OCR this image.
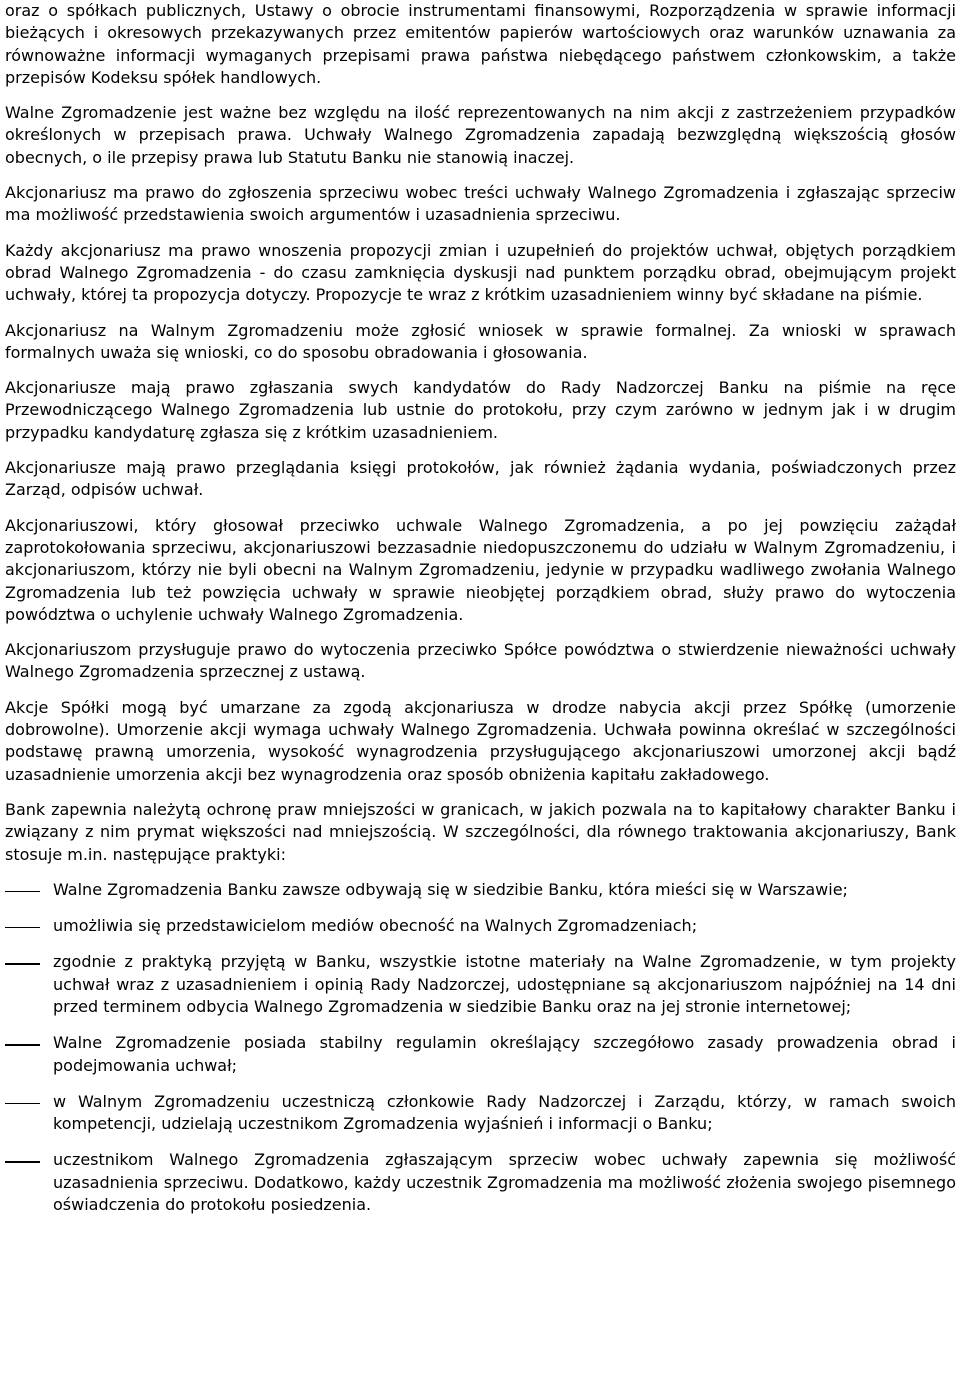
oraz o spółkach publicznych, Ustawy o obrocie instrumentami finansowymi, Rozporządzenia w sprawie informacji bieżących i okresowych przekazywanych przez emitentów papierów wartościowych oraz warunków uznawania za równoważne informacji wymaganych przepisami prawa państwa niebędącego państwem członkowskim, a także przepisów Kodeksu spółek handlowych.

Walne Zgromadzenie jest ważne bez względu na ilość reprezentowanych na nim akcji z zastrzeżeniem przypadków określonych w przepisach prawa. Uchwały Walnego Zgromadzenia zapadają bezwzględną większością głosów obecnych, o ile przepisy prawa lub Statutu Banku nie stanowią inaczej.

Akcjonariusz ma prawo do zgłoszenia sprzeciwu wobec treści uchwały Walnego Zgromadzenia i zgłaszając sprzeciw ma możliwość przedstawienia swoich argumentów i uzasadnienia sprzeciwu.

Każdy akcjonariusz ma prawo wnoszenia propozycji zmian i uzupełnień do projektów uchwał, objętych porządkiem obrad Walnego Zgromadzenia - do czasu zamknięcia dyskusji nad punktem porządku obrad, obejmującym projekt uchwały, której ta propozycja dotyczy. Propozycje te wraz z krótkim uzasadnieniem winny być składane na piśmie.

Akcjonariusz na Walnym Zgromadzeniu może zgłosić wniosek w sprawie formalnej. Za wnioski w sprawach formalnych uważa się wnioski, co do sposobu obradowania i głosowania.

Akcjonariusze mają prawo zgłaszania swych kandydatów do Rady Nadzorczej Banku na piśmie na ręce Przewodniczącego Walnego Zgromadzenia lub ustnie do protokołu, przy czym zarówno w jednym jak i w drugim przypadku kandydaturę zgłasza się z krótkim uzasadnieniem.

Akcjonariusze mają prawo przeglądania księgi protokołów, jak również żądania wydania, poświadczonych przez Zarząd, odpisów uchwał.

Akcjonariuszowi, który głosował przeciwko uchwale Walnego Zgromadzenia, a po jej powzięciu zażądał zaprotokołowania sprzeciwu, akcjonariuszowi bezzasadnie niedopuszczonemu do udziału w Walnym Zgromadzeniu, i akcjonariuszom, którzy nie byli obecni na Walnym Zgromadzeniu, jedynie w przypadku wadliwego zwołania Walnego Zgromadzenia lub też powzięcia uchwały w sprawie nieobjętej porządkiem obrad, służy prawo do wytoczenia powództwa o uchylenie uchwały Walnego Zgromadzenia.

Akcjonariuszom przysługuje prawo do wytoczenia przeciwko Spółce powództwa o stwierdzenie nieważności uchwały Walnego Zgromadzenia sprzecznej z ustawą.

Akcje Spółki mogą być umarzane za zgodą akcjonariusza w drodze nabycia akcji przez Spółkę (umorzenie dobrowolne). Umorzenie akcji wymaga uchwały Walnego Zgromadzenia. Uchwała powinna określać w szczególności podstawę prawną umorzenia, wysokość wynagrodzenia przysługującego akcjonariuszowi umorzonej akcji bądź uzasadnienie umorzenia akcji bez wynagrodzenia oraz sposób obniżenia kapitału zakładowego.

Bank zapewnia należytą ochronę praw mniejszości w granicach, w jakich pozwala na to kapitałowy charakter Banku i związany z nim prymat większości nad mniejszością. W szczególności, dla równego traktowania akcjonariuszy, Bank stosuje m.in. następujące praktyki:

Walne Zgromadzenia Banku zawsze odbywają się w siedzibie Banku, która mieści się w Warszawie;
umożliwia się przedstawicielom mediów obecność na Walnych Zgromadzeniach;
zgodnie z praktyką przyjętą w Banku, wszystkie istotne materiały na Walne Zgromadzenie, w tym projekty uchwał wraz z uzasadnieniem i opinią Rady Nadzorczej, udostępniane są akcjonariuszom najpóźniej na 14 dni przed terminem odbycia Walnego Zgromadzenia w siedzibie Banku oraz na jej stronie internetowej;
Walne Zgromadzenie posiada stabilny regulamin określający szczegółowo zasady prowadzenia obrad i podejmowania uchwał;
w Walnym Zgromadzeniu uczestniczą członkowie Rady Nadzorczej i Zarządu, którzy, w ramach swoich kompetencji, udzielają uczestnikom Zgromadzenia wyjaśnień i informacji o Banku;
uczestnikom Walnego Zgromadzenia zgłaszającym sprzeciw wobec uchwały zapewnia się możliwość uzasadnienia sprzeciwu. Dodatkowo, każdy uczestnik Zgromadzenia ma możliwość złożenia swojego pisemnego oświadczenia do protokołu posiedzenia.
